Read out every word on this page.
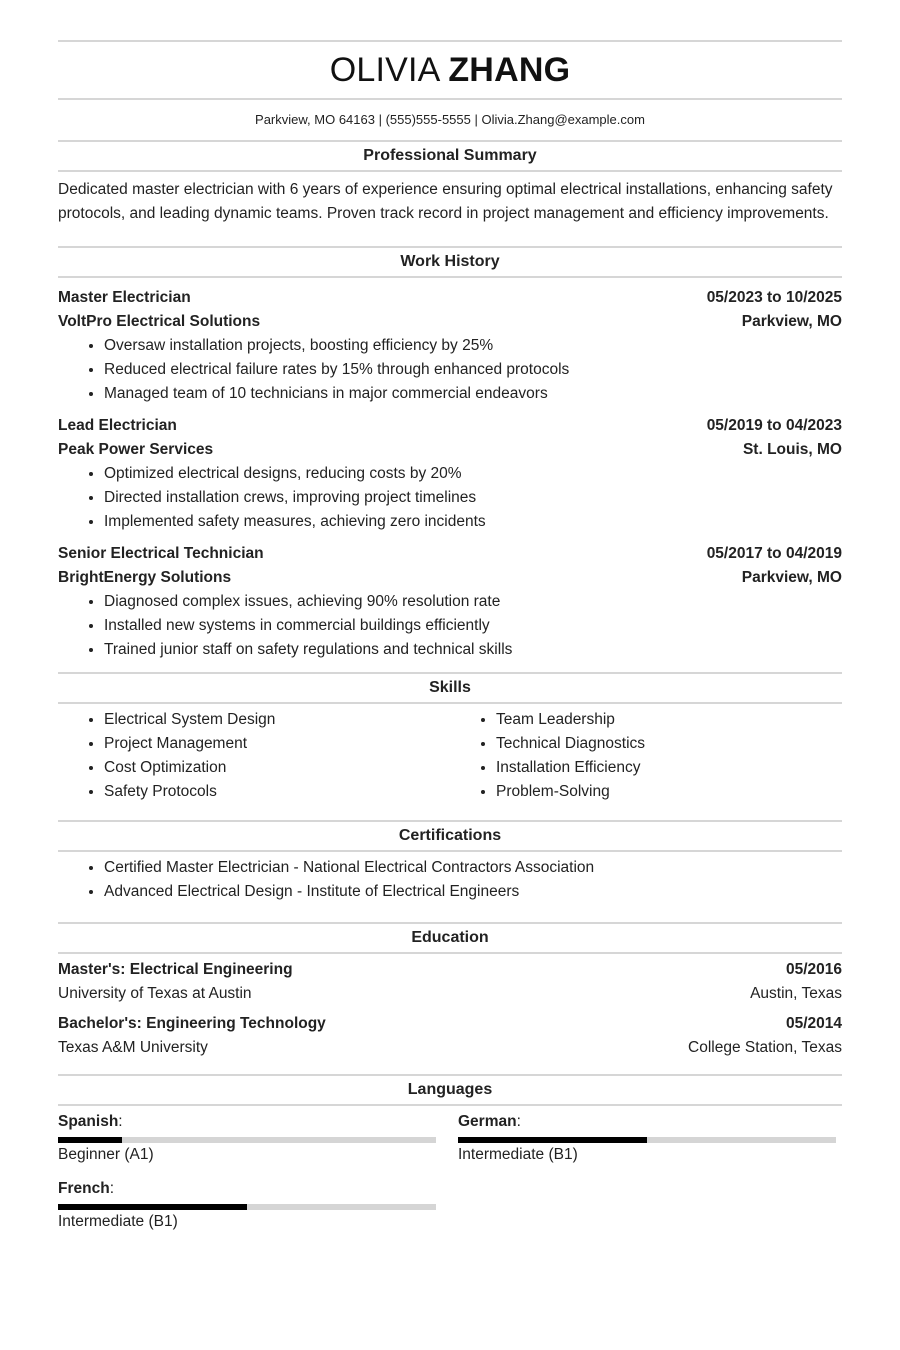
OLIVIA ZHANG
Parkview, MO 64163 | (555)555-5555 | Olivia.Zhang@example.com
Professional Summary
Dedicated master electrician with 6 years of experience ensuring optimal electrical installations, enhancing safety protocols, and leading dynamic teams. Proven track record in project management and efficiency improvements.
Work History
Master Electrician	05/2023 to 10/2025
VoltPro Electrical Solutions	Parkview, MO
• Oversaw installation projects, boosting efficiency by 25%
• Reduced electrical failure rates by 15% through enhanced protocols
• Managed team of 10 technicians in major commercial endeavors
Lead Electrician	05/2019 to 04/2023
Peak Power Services	St. Louis, MO
• Optimized electrical designs, reducing costs by 20%
• Directed installation crews, improving project timelines
• Implemented safety measures, achieving zero incidents
Senior Electrical Technician	05/2017 to 04/2019
BrightEnergy Solutions	Parkview, MO
• Diagnosed complex issues, achieving 90% resolution rate
• Installed new systems in commercial buildings efficiently
• Trained junior staff on safety regulations and technical skills
Skills
• Electrical System Design
• Project Management
• Cost Optimization
• Safety Protocols
• Team Leadership
• Technical Diagnostics
• Installation Efficiency
• Problem-Solving
Certifications
• Certified Master Electrician - National Electrical Contractors Association
• Advanced Electrical Design - Institute of Electrical Engineers
Education
Master's: Electrical Engineering	05/2016
University of Texas at Austin	Austin, Texas
Bachelor's: Engineering Technology	05/2014
Texas A&M University	College Station, Texas
Languages
Spanish:
Beginner (A1)
German:
Intermediate (B1)
French:
Intermediate (B1)
